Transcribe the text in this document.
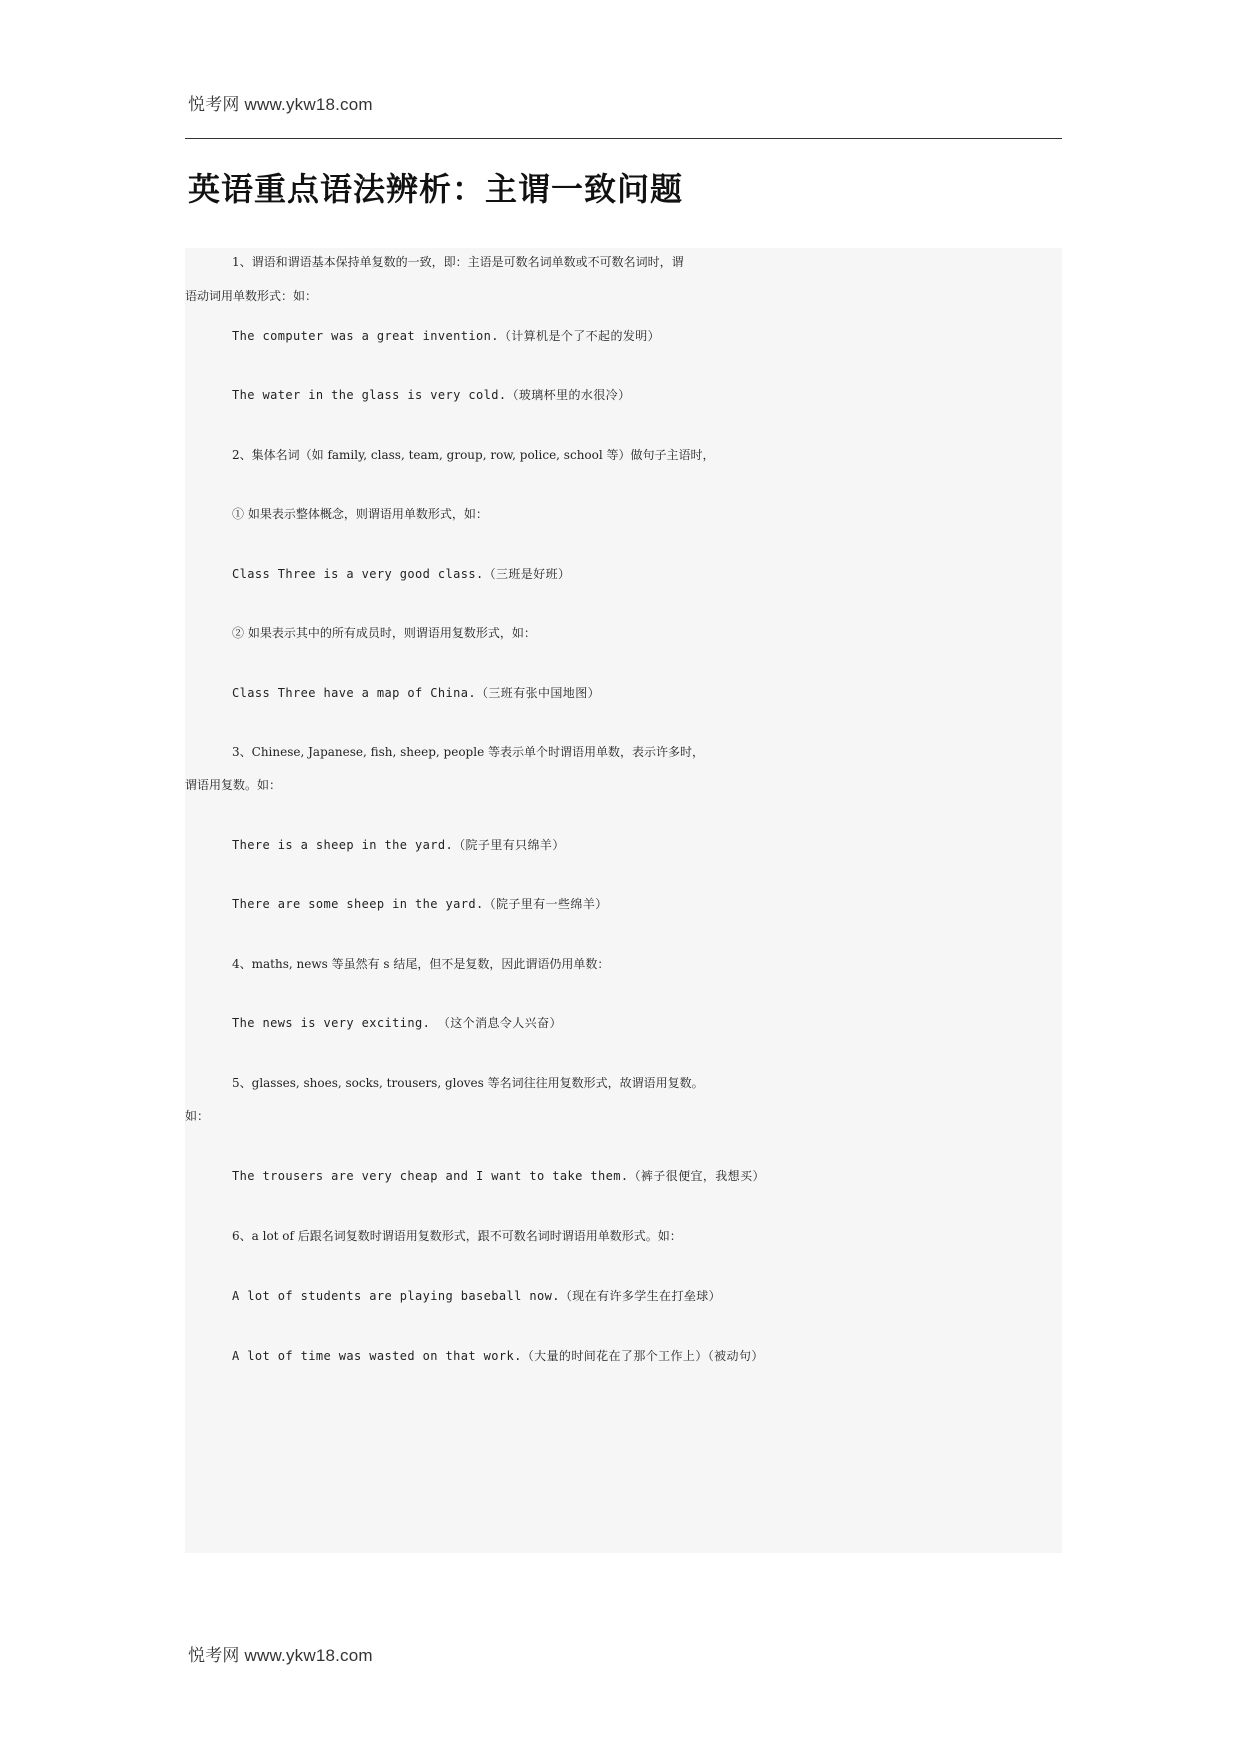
悦考网 www.ykw18.com
英语重点语法辨析：主谓一致问题
1、谓语和谓语基本保持单复数的一致，即：主语是可数名词单数或不可数名词时，谓
语动词用单数形式：如：
The computer was a great invention.（计算机是个了不起的发明）
The water in the glass is very cold.（玻璃杯里的水很冷）
2、集体名词（如 family, class, team, group, row, police, school 等）做句子主语时，
① 如果表示整体概念，则谓语用单数形式，如：
Class Three is a very good class.（三班是好班）
② 如果表示其中的所有成员时，则谓语用复数形式，如：
Class Three have a map of China.（三班有张中国地图）
3、Chinese, Japanese, fish, sheep, people 等表示单个时谓语用单数，表示许多时，
谓语用复数。如：
There is a sheep in the yard.（院子里有只绵羊）
There are some sheep in the yard.（院子里有一些绵羊）
4、maths, news 等虽然有 s 结尾，但不是复数，因此谓语仍用单数：
The news is very exciting. （这个消息令人兴奋）
5、glasses, shoes, socks, trousers, gloves 等名词往往用复数形式，故谓语用复数。
如：
The trousers are very cheap and I want to take them.（裤子很便宜，我想买）
6、a lot of 后跟名词复数时谓语用复数形式，跟不可数名词时谓语用单数形式。如：
A lot of students are playing baseball now.（现在有许多学生在打垒球）
A lot of time was wasted on that work.（大量的时间花在了那个工作上）（被动句）
悦考网 www.ykw18.com
